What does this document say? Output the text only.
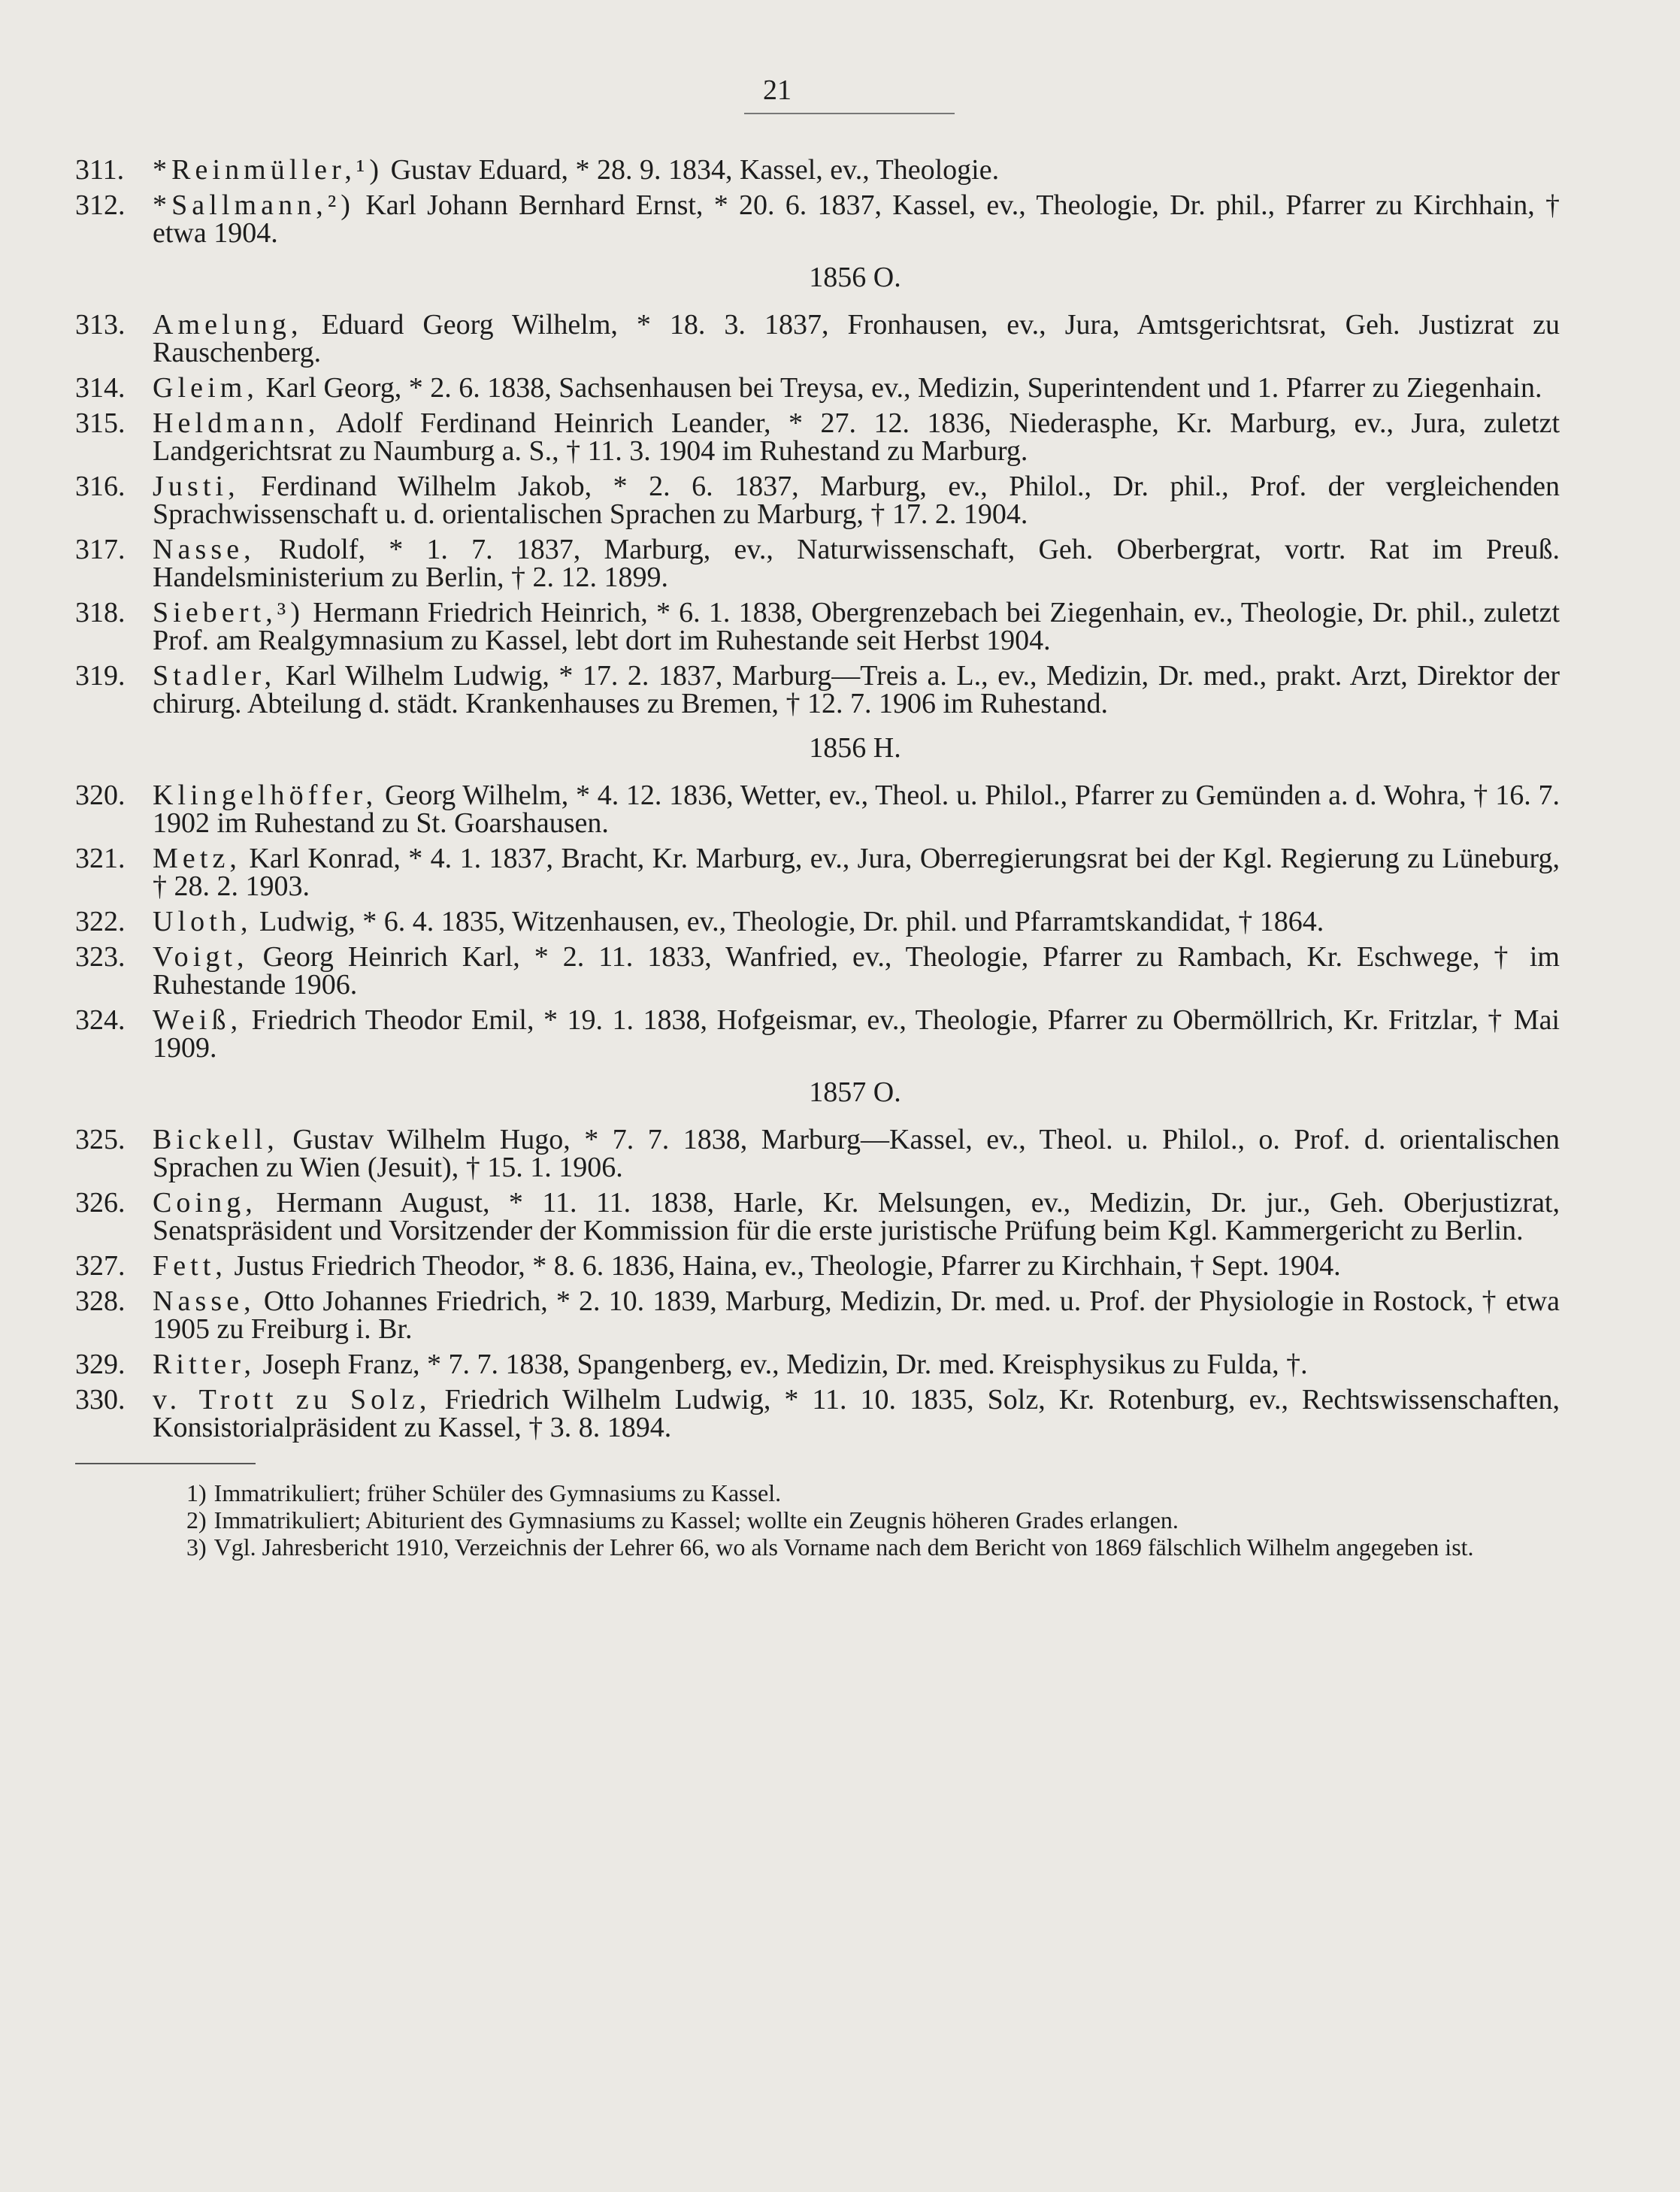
21
311. *Reinmüller,¹) Gustav Eduard, * 28. 9. 1834, Kassel, ev., Theologie.
312. *Sallmann,²) Karl Johann Bernhard Ernst, * 20. 6. 1837, Kassel, ev., Theologie, Dr. phil., Pfarrer zu Kirchhain, † etwa 1904.
1856 O.
313. Amelung, Eduard Georg Wilhelm, * 18. 3. 1837, Fronhausen, ev., Jura, Amtsgerichtsrat, Geh. Justizrat zu Rauschenberg.
314. Gleim, Karl Georg, * 2. 6. 1838, Sachsenhausen bei Treysa, ev., Medizin, Superintendent und 1. Pfarrer zu Ziegenhain.
315. Heldmann, Adolf Ferdinand Heinrich Leander, * 27. 12. 1836, Niederasphe, Kr. Marburg, ev., Jura, zuletzt Landgerichtsrat zu Naumburg a. S., † 11. 3. 1904 im Ruhestand zu Marburg.
316. Justi, Ferdinand Wilhelm Jakob, * 2. 6. 1837, Marburg, ev., Philol., Dr. phil., Prof. der vergleichenden Sprachwissenschaft u. d. orientalischen Sprachen zu Marburg, † 17. 2. 1904.
317. Nasse, Rudolf, * 1. 7. 1837, Marburg, ev., Naturwissenschaft, Geh. Oberbergrat, vortr. Rat im Preuß. Handelsministerium zu Berlin, † 2. 12. 1899.
318. Siebert,³) Hermann Friedrich Heinrich, * 6. 1. 1838, Obergrenzebach bei Ziegenhain, ev., Theologie, Dr. phil., zuletzt Prof. am Realgymnasium zu Kassel, lebt dort im Ruhestande seit Herbst 1904.
319. Stadler, Karl Wilhelm Ludwig, * 17. 2. 1837, Marburg—Treis a. L., ev., Medizin, Dr. med., prakt. Arzt, Direktor der chirurg. Abteilung d. städt. Krankenhauses zu Bremen, † 12. 7. 1906 im Ruhestand.
1856 H.
320. Klingelhöffer, Georg Wilhelm, * 4. 12. 1836, Wetter, ev., Theol. u. Philol., Pfarrer zu Gemünden a. d. Wohra, † 16. 7. 1902 im Ruhestand zu St. Goarshausen.
321. Metz, Karl Konrad, * 4. 1. 1837, Bracht, Kr. Marburg, ev., Jura, Oberregierungsrat bei der Kgl. Regierung zu Lüneburg, † 28. 2. 1903.
322. Uloth, Ludwig, * 6. 4. 1835, Witzenhausen, ev., Theologie, Dr. phil. und Pfarramtskandidat, † 1864.
323. Voigt, Georg Heinrich Karl, * 2. 11. 1833, Wanfried, ev., Theologie, Pfarrer zu Rambach, Kr. Eschwege, † im Ruhestande 1906.
324. Weiß, Friedrich Theodor Emil, * 19. 1. 1838, Hofgeismar, ev., Theologie, Pfarrer zu Obermöllrich, Kr. Fritzlar, † Mai 1909.
1857 O.
325. Bickell, Gustav Wilhelm Hugo, * 7. 7. 1838, Marburg—Kassel, ev., Theol. u. Philol., o. Prof. d. orientalischen Sprachen zu Wien (Jesuit), † 15. 1. 1906.
326. Coing, Hermann August, * 11. 11. 1838, Harle, Kr. Melsungen, ev., Medizin, Dr. jur., Geh. Oberjustizrat, Senatspräsident und Vorsitzender der Kommission für die erste juristische Prüfung beim Kgl. Kammergericht zu Berlin.
327. Fett, Justus Friedrich Theodor, * 8. 6. 1836, Haina, ev., Theologie, Pfarrer zu Kirchhain, † Sept. 1904.
328. Nasse, Otto Johannes Friedrich, * 2. 10. 1839, Marburg, Medizin, Dr. med. u. Prof. der Physiologie in Rostock, † etwa 1905 zu Freiburg i. Br.
329. Ritter, Joseph Franz, * 7. 7. 1838, Spangenberg, ev., Medizin, Dr. med. Kreisphysikus zu Fulda, †.
330. v. Trott zu Solz, Friedrich Wilhelm Ludwig, * 11. 10. 1835, Solz, Kr. Rotenburg, ev., Rechtswissenschaften, Konsistorialpräsident zu Kassel, † 3. 8. 1894.
1) Immatrikuliert; früher Schüler des Gymnasiums zu Kassel.
2) Immatrikuliert; Abiturient des Gymnasiums zu Kassel; wollte ein Zeugnis höheren Grades erlangen.
3) Vgl. Jahresbericht 1910, Verzeichnis der Lehrer 66, wo als Vorname nach dem Bericht von 1869 fälschlich Wilhelm angegeben ist.
